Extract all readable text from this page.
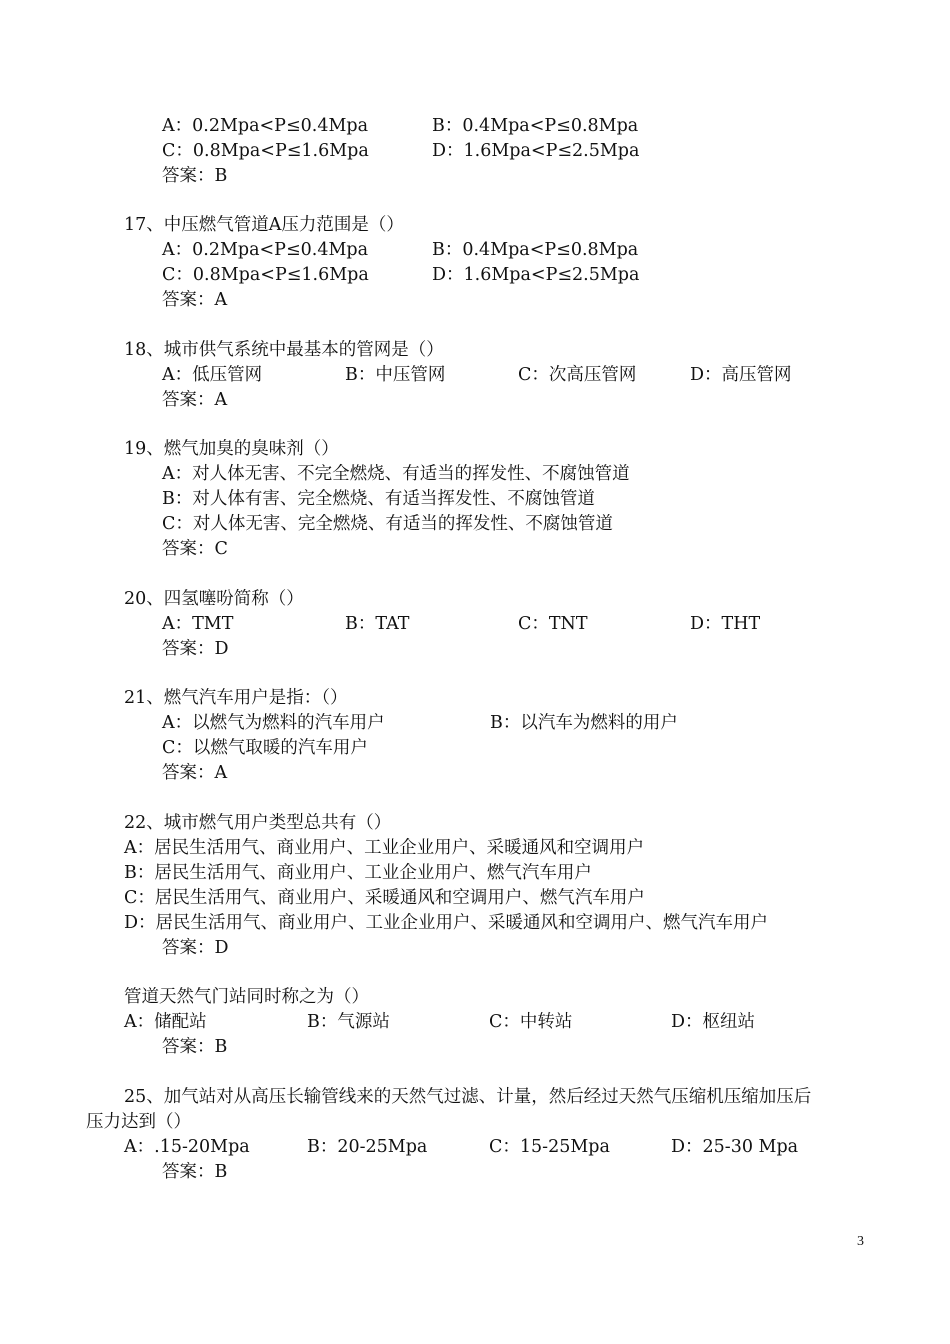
A：0.2Mpa<P≤0.4Mpa	B：0.4Mpa<P≤0.8Mpa
C：0.8Mpa<P≤1.6Mpa	D：1.6Mpa<P≤2.5Mpa
答案：B
17、中压燃气管道A压力范围是（）
A：0.2Mpa<P≤0.4Mpa	B：0.4Mpa<P≤0.8Mpa
C：0.8Mpa<P≤1.6Mpa	D：1.6Mpa<P≤2.5Mpa
答案：A
18、城市供气系统中最基本的管网是（）
A：低压管网	B：中压管网	C：次高压管网	D：高压管网
答案：A
19、燃气加臭的臭味剂（）
A：对人体无害、不完全燃烧、有适当的挥发性、不腐蚀管道
B：对人体有害、完全燃烧、有适当挥发性、不腐蚀管道
C：对人体无害、完全燃烧、有适当的挥发性、不腐蚀管道
答案：C
20、四氢噻吩简称（）
A：TMT	B：TAT	C：TNT	D：THT
答案：D
21、燃气汽车用户是指：（）
A：以燃气为燃料的汽车用户	B：以汽车为燃料的用户
C：以燃气取暖的汽车用户
答案：A
22、城市燃气用户类型总共有（）
A：居民生活用气、商业用户、工业企业用户、采暖通风和空调用户
B：居民生活用气、商业用户、工业企业用户、燃气汽车用户
C：居民生活用气、商业用户、采暖通风和空调用户、燃气汽车用户
D：居民生活用气、商业用户、工业企业用户、采暖通风和空调用户、燃气汽车用户
答案：D
管道天然气门站同时称之为（）
A：储配站	B：气源站	C：中转站	D：枢纽站
答案：B
25、加气站对从高压长输管线来的天然气过滤、计量，然后经过天然气压缩机压缩加压后
压力达到（）
A：.15-20Mpa	B：20-25Mpa	C：15-25Mpa	D：25-30 Mpa
答案：B
3
